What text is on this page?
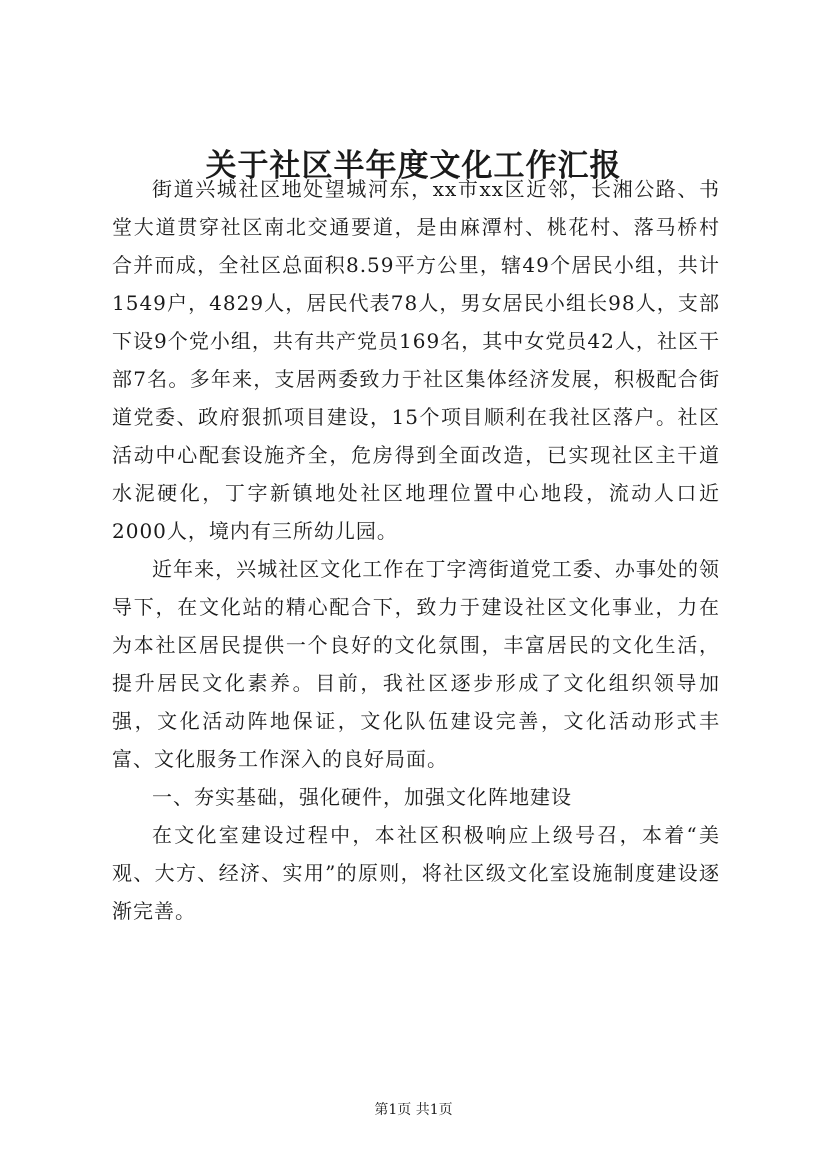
关于社区半年度文化工作汇报

街道兴城社区地处望城河东，xx市xx区近邻，长湘公路、书堂大道贯穿社区南北交通要道，是由麻潭村、桃花村、落马桥村合并而成，全社区总面积8.59平方公里，辖49个居民小组，共计1549户，4829人，居民代表78人，男女居民小组长98人，支部下设9个党小组，共有共产党员169名，其中女党员42人，社区干部7名。多年来，支居两委致力于社区集体经济发展，积极配合街道党委、政府狠抓项目建设，15个项目顺利在我社区落户。社区活动中心配套设施齐全，危房得到全面改造，已实现社区主干道水泥硬化，丁字新镇地处社区地理位置中心地段，流动人口近2000人，境内有三所幼儿园。

近年来，兴城社区文化工作在丁字湾街道党工委、办事处的领导下，在文化站的精心配合下，致力于建设社区文化事业，力在为本社区居民提供一个良好的文化氛围，丰富居民的文化生活，提升居民文化素养。目前，我社区逐步形成了文化组织领导加强，文化活动阵地保证，文化队伍建设完善，文化活动形式丰富、文化服务工作深入的良好局面。

一、夯实基础，强化硬件，加强文化阵地建设

在文化室建设过程中，本社区积极响应上级号召，本着“美观、大方、经济、实用”的原则，将社区级文化室设施制度建设逐渐完善。

第1页 共1页
